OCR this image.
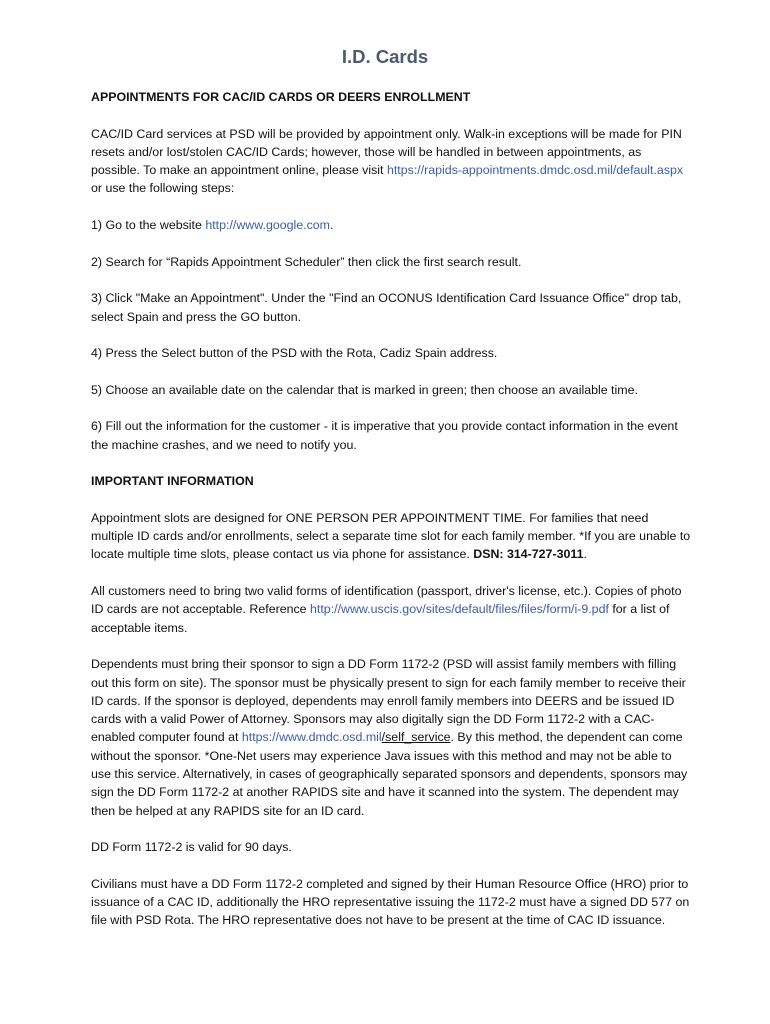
I.D. Cards

APPOINTMENTS FOR CAC/ID CARDS OR DEERS ENROLLMENT

CAC/ID Card services at PSD will be provided by appointment only. Walk-in exceptions will be made for PIN resets and/or lost/stolen CAC/ID Cards; however, those will be handled in between appointments, as possible. To make an appointment online, please visit https://rapids-appointments.dmdc.osd.mil/default.aspx or use the following steps:

1) Go to the website http://www.google.com.

2) Search for “Rapids Appointment Scheduler” then click the first search result.

3) Click "Make an Appointment". Under the "Find an OCONUS Identification Card Issuance Office" drop tab, select Spain and press the GO button.

4) Press the Select button of the PSD with the Rota, Cadiz Spain address.

5) Choose an available date on the calendar that is marked in green; then choose an available time.

6) Fill out the information for the customer - it is imperative that you provide contact information in the event the machine crashes, and we need to notify you.

IMPORTANT INFORMATION

Appointment slots are designed for ONE PERSON PER APPOINTMENT TIME. For families that need multiple ID cards and/or enrollments, select a separate time slot for each family member. *If you are unable to locate multiple time slots, please contact us via phone for assistance. DSN: 314-727-3011.

All customers need to bring two valid forms of identification (passport, driver's license, etc.). Copies of photo ID cards are not acceptable. Reference http://www.uscis.gov/sites/default/files/files/form/i-9.pdf for a list of acceptable items.

Dependents must bring their sponsor to sign a DD Form 1172-2 (PSD will assist family members with filling out this form on site). The sponsor must be physically present to sign for each family member to receive their ID cards. If the sponsor is deployed, dependents may enroll family members into DEERS and be issued ID cards with a valid Power of Attorney. Sponsors may also digitally sign the DD Form 1172-2 with a CAC-enabled computer found at https://www.dmdc.osd.mil/self_service. By this method, the dependent can come without the sponsor. *One-Net users may experience Java issues with this method and may not be able to use this service. Alternatively, in cases of geographically separated sponsors and dependents, sponsors may sign the DD Form 1172-2 at another RAPIDS site and have it scanned into the system. The dependent may then be helped at any RAPIDS site for an ID card.

DD Form 1172-2 is valid for 90 days.

Civilians must have a DD Form 1172-2 completed and signed by their Human Resource Office (HRO) prior to issuance of a CAC ID, additionally the HRO representative issuing the 1172-2 must have a signed DD 577 on file with PSD Rota. The HRO representative does not have to be present at the time of CAC ID issuance.
